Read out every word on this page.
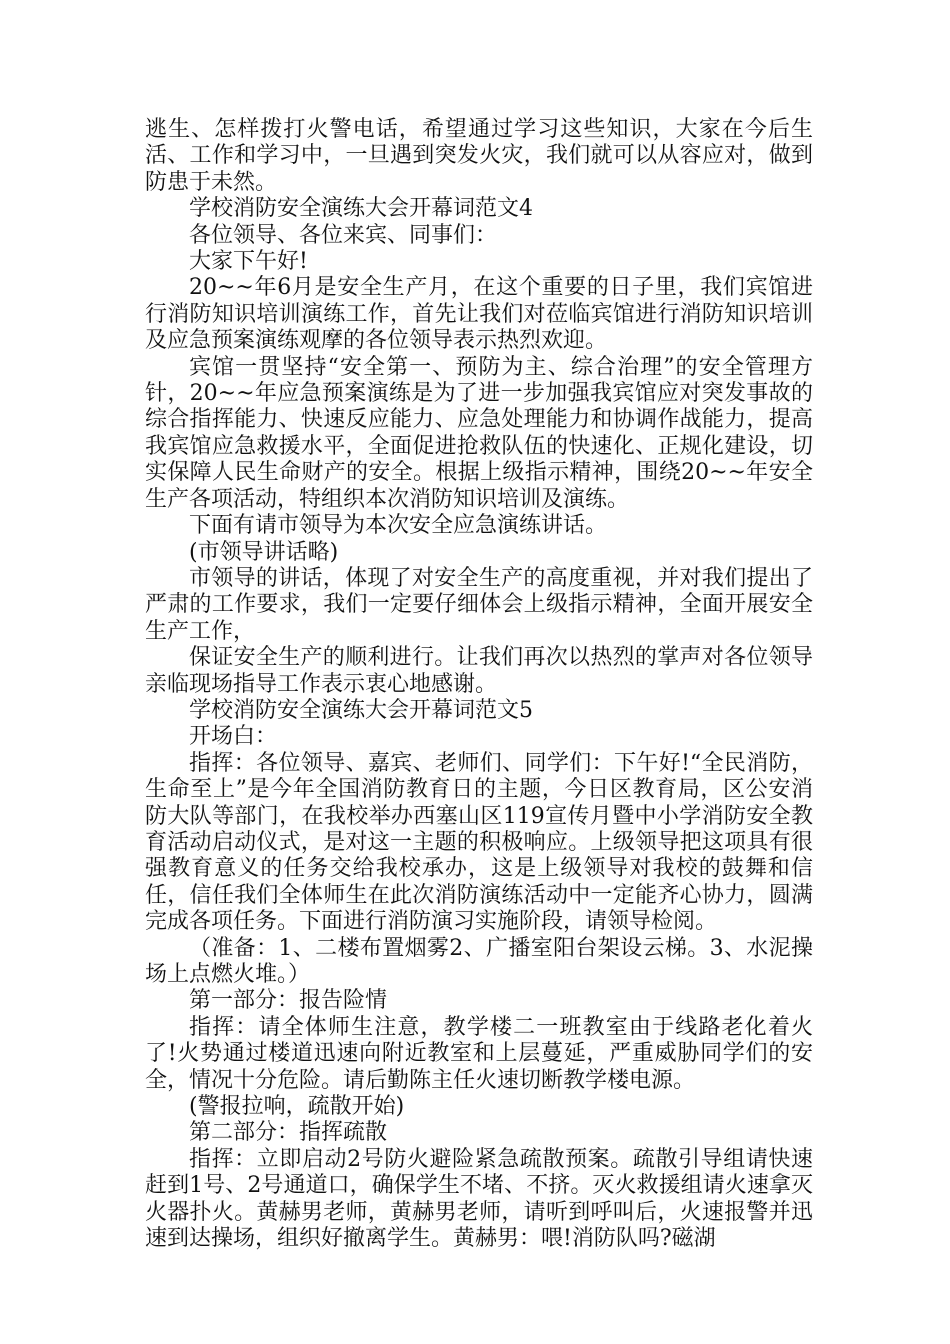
逃生、怎样拨打火警电话，希望通过学习这些知识，大家在今后生活、工作和学习中，一旦遇到突发火灾，我们就可以从容应对，做到防患于未然。

学校消防安全演练大会开幕词范文4

各位领导、各位来宾、同事们：

大家下午好!

20~~年6月是安全生产月，在这个重要的日子里，我们宾馆进行消防知识培训演练工作，首先让我们对莅临宾馆进行消防知识培训及应急预案演练观摩的各位领导表示热烈欢迎。

宾馆一贯坚持“安全第一、预防为主、综合治理”的安全管理方针，20~~年应急预案演练是为了进一步加强我宾馆应对突发事故的综合指挥能力、快速反应能力、应急处理能力和协调作战能力，提高我宾馆应急救援水平，全面促进抢救队伍的快速化、正规化建设，切实保障人民生命财产的安全。根据上级指示精神，围绕20~~年安全生产各项活动，特组织本次消防知识培训及演练。

下面有请市领导为本次安全应急演练讲话。

(市领导讲话略)

市领导的讲话，体现了对安全生产的高度重视，并对我们提出了严肃的工作要求，我们一定要仔细体会上级指示精神，全面开展安全生产工作，

保证安全生产的顺利进行。让我们再次以热烈的掌声对各位领导亲临现场指导工作表示衷心地感谢。

学校消防安全演练大会开幕词范文5

开场白：

指挥：各位领导、嘉宾、老师们、同学们：下午好!“全民消防，生命至上”是今年全国消防教育日的主题，今日区教育局，区公安消防大队等部门，在我校举办西塞山区119宣传月暨中小学消防安全教育活动启动仪式，是对这一主题的积极响应。上级领导把这项具有很强教育意义的任务交给我校承办，这是上级领导对我校的鼓舞和信任，信任我们全体师生在此次消防演练活动中一定能齐心协力，圆满完成各项任务。下面进行消防演习实施阶段，请领导检阅。

（准备：1、二楼布置烟雾2、广播室阳台架设云梯。3、水泥操场上点燃火堆。）

第一部分：报告险情

指挥：请全体师生注意，教学楼二一班教室由于线路老化着火了!火势通过楼道迅速向附近教室和上层蔓延，严重威胁同学们的安全，情况十分危险。请后勤陈主任火速切断教学楼电源。

(警报拉响，疏散开始)

第二部分：指挥疏散

指挥：立即启动2号防火避险紧急疏散预案。疏散引导组请快速赶到1号、2号通道口，确保学生不堵、不挤。灭火救援组请火速拿灭火器扑火。黄赫男老师，黄赫男老师，请听到呼叫后，火速报警并迅速到达操场，组织好撤离学生。黄赫男：喂!消防队吗?磁湖
